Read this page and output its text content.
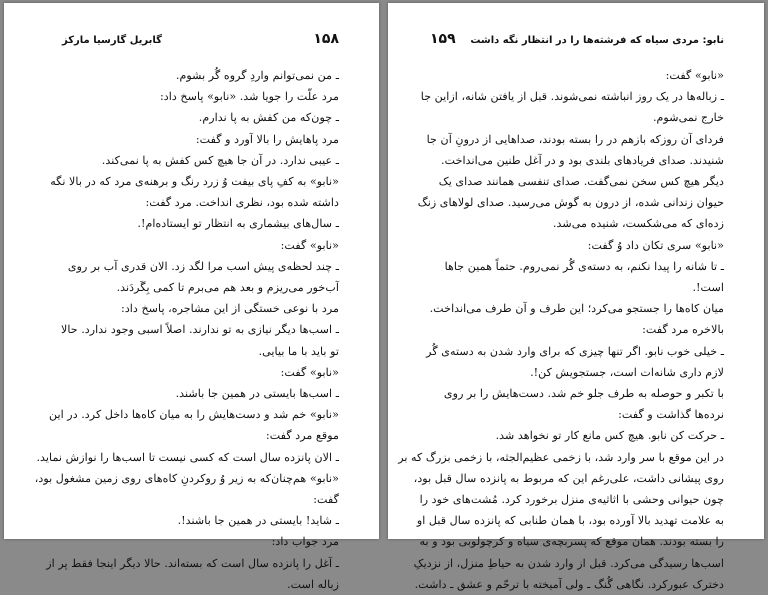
۱۵۸
گابریل گارسیا مارکز
ـ من نمی‌توانم واردِ گروه گُر بشوم.
مرد علّت را جویا شد. «نابو» پاسخ داد:
ـ چون‌که من کفش به پا ندارم.
مرد پاهایش را بالا آورد و گفت:
ـ عیبی ندارد. در آن جا هیچ کس کفش به پا نمی‌کند.
«نابو» به کفِ پای بیفت وُ زرد رنگ و برهنه‌ی مرد که در بالا نگه
داشته شده بود، نظری انداخت. مرد گفت:
ـ سال‌های بیشماری به انتظار تو ایستاده‌ام!.
«نابو» گفت:
ـ چند لحظه‌ی پیش اسب مرا لگد زد. الان قدری آب بر روی
آب‌خور می‌ریزم و بعد هم می‌برم تا کمی بِگَردَند.
مرد با نوعی خستگی از این مشاجره، پاسخ داد:
ـ اسب‌ها دیگر نیازی به تو ندارند. اصلاً اسبی وجود ندارد. حالا
تو باید با ما بیایی.
«نابو» گفت:
ـ اسب‌ها بایستی در همین جا باشند.
«نابو» خم شد و دست‌هایش را به میان کاه‌ها داخل کرد. در این
موقع مرد گفت:
ـ الان پانزده سال است که کسی نیست تا اسب‌ها را نوازش نماید.
«نابو» هم‌چنان‌که به زیر وُ روکردنِ کاه‌های روی زمین مشغول بود،
گفت:
ـ شاید! بایستی در همین جا باشند!.
مرد جواب داد:
ـ آغل را پانزده سال است که بسته‌اند. حالا دیگر اینجا فقط پر از
زباله است.
نابو: مردی سیاه که فرشته‌ها را در انتظار نگه داشت
۱۵۹
«نابو» گفت:
ـ زباله‌ها در یک روز انباشته نمی‌شوند. قبل از یافتن شانه، ازاین جا
خارج نمی‌شوم.
فردای آن روزکه بازهم در را بسته بودند، صداهایی از درونِ آن جا
شنیدند. صدای فریادهای بلندی بود و در آغل طنین می‌انداخت.
دیگر هیچ کس سخن نمی‌گفت. صدای تنفسی همانند صدای یک
حیوان زندانی شده، از درون به گوش می‌رسید. صدای لولاهای زنگ
زده‌ای که می‌شکست، شنیده می‌شد.
«نابو» سری تکان داد وُ گفت:
ـ تا شانه را پیدا نکنم، به دسته‌ی گُر نمی‌روم. حتماً همین جاها
است!.
میان کاه‌ها را جستجو می‌کرد؛ این طرف و آن طرف می‌انداخت.
بالاخره مرد گفت:
ـ خیلی خوب نابو. اگر تنها چیزی که برای وارد شدن به دسته‌ی گُر
لازم داری شانه‌ات است، جستجویش کن!.
با تکبر و حوصله به طرف جلو خم شد. دست‌هایش را بر روی
نرده‌ها گذاشت و گفت:
ـ حرکت کن نابو. هیچ کس مانع کار تو نخواهد شد.
در این موقع با سر وارد شد، با زخمی عظیم‌الجثه، با زخمی بزرگ که بر
روی پیشانی داشت، علی‌رغم این که مربوط به پانزده سال قبل بود،
چون حیوانی وحشی با اثاثیه‌ی منزل برخورد کرد. مُشت‌های خود را
به علامت تهدید بالا آورده بود، با همان طنابی که پانزده سال قبل او
را بسته بودند. همان موقع که پسربچه‌ی سیاه و کرچولوبی بود و به
اسب‌ها رسیدگی می‌کرد. قبل از وارد شدن به حیاطِ منزل، از نزدیکِ
دخترک عبورکرد. نگاهی گُنگ ـ ولی آمیخته با ترحّم و عشق ـ داشت.
